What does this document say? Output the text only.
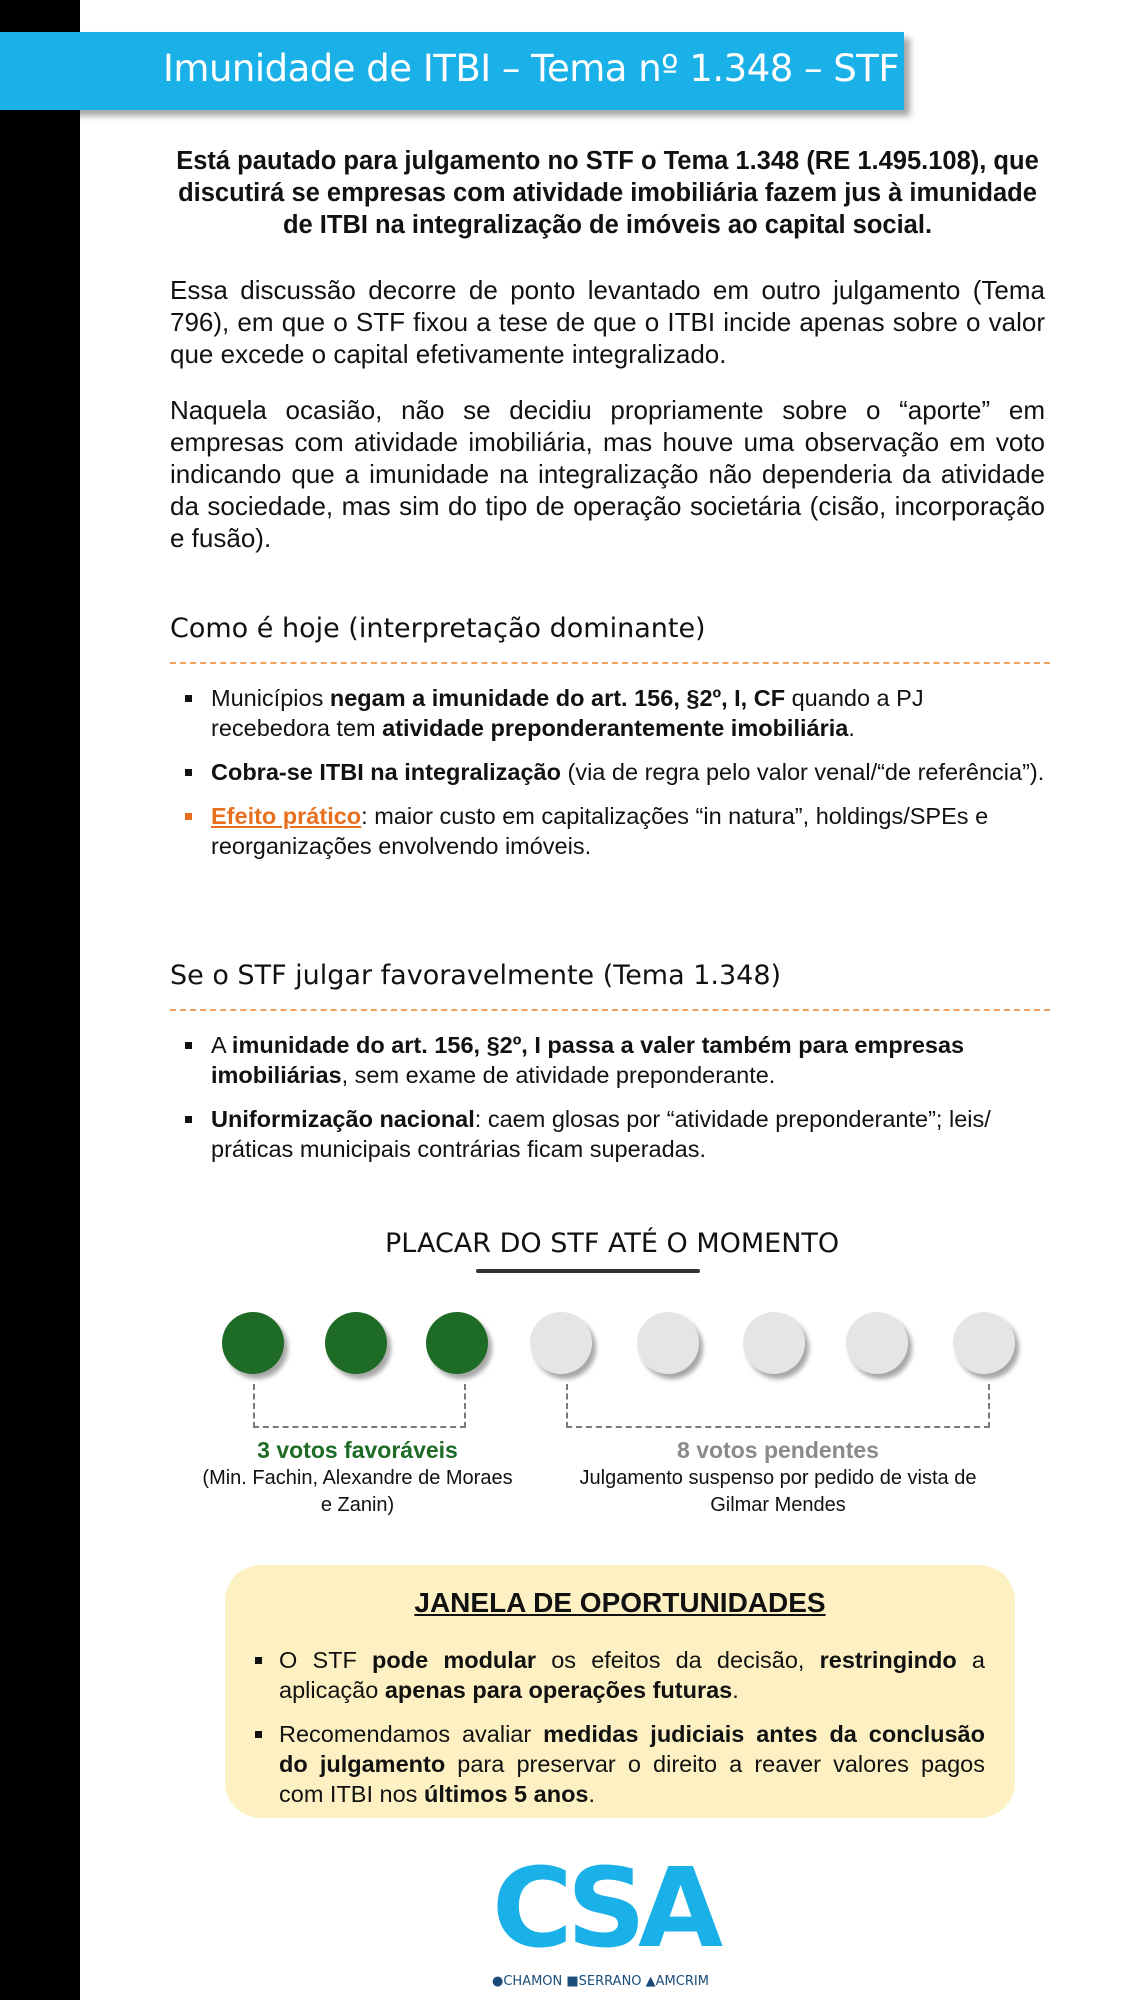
Imunidade de ITBI – Tema nº 1.348 – STF
Está pautado para julgamento no STF o Tema 1.348 (RE 1.495.108), que discutirá se empresas com atividade imobiliária fazem jus à imunidade de ITBI na integralização de imóveis ao capital social.
Essa discussão decorre de ponto levantado em outro julgamento (Tema 796), em que o STF fixou a tese de que o ITBI incide apenas sobre o valor que excede o capital efetivamente integralizado.
Naquela ocasião, não se decidiu propriamente sobre o “aporte” em empresas com atividade imobiliária, mas houve uma observação em voto indicando que a imunidade na integralização não dependeria da atividade da sociedade, mas sim do tipo de operação societária (cisão, incorporação e fusão).
Como é hoje (interpretação dominante)
Municípios negam a imunidade do art. 156, §2º, I, CF quando a PJ recebedora tem atividade preponderantemente imobiliária.
Cobra-se ITBI na integralização (via de regra pelo valor venal/“de referência”).
Efeito prático: maior custo em capitalizações “in natura”, holdings/SPEs e reorganizações envolvendo imóveis.
Se o STF julgar favoravelmente (Tema 1.348)
A imunidade do art. 156, §2º, I passa a valer também para empresas imobiliárias, sem exame de atividade preponderante.
Uniformização nacional: caem glosas por “atividade preponderante”; leis/ práticas municipais contrárias ficam superadas.
PLACAR DO STF ATÉ O MOMENTO
3 votos favoráveis
(Min. Fachin, Alexandre de Moraes e Zanin)
8 votos pendentes
Julgamento suspenso por pedido de vista de Gilmar Mendes
JANELA DE OPORTUNIDADES
O STF pode modular os efeitos da decisão, restringindo a aplicação apenas para operações futuras.
Recomendamos avaliar medidas judiciais antes da conclusão do julgamento para preservar o direito a reaver valores pagos com ITBI nos últimos 5 anos.
CSA
●CHAMON ■SERRANO ▲AMCRIM
